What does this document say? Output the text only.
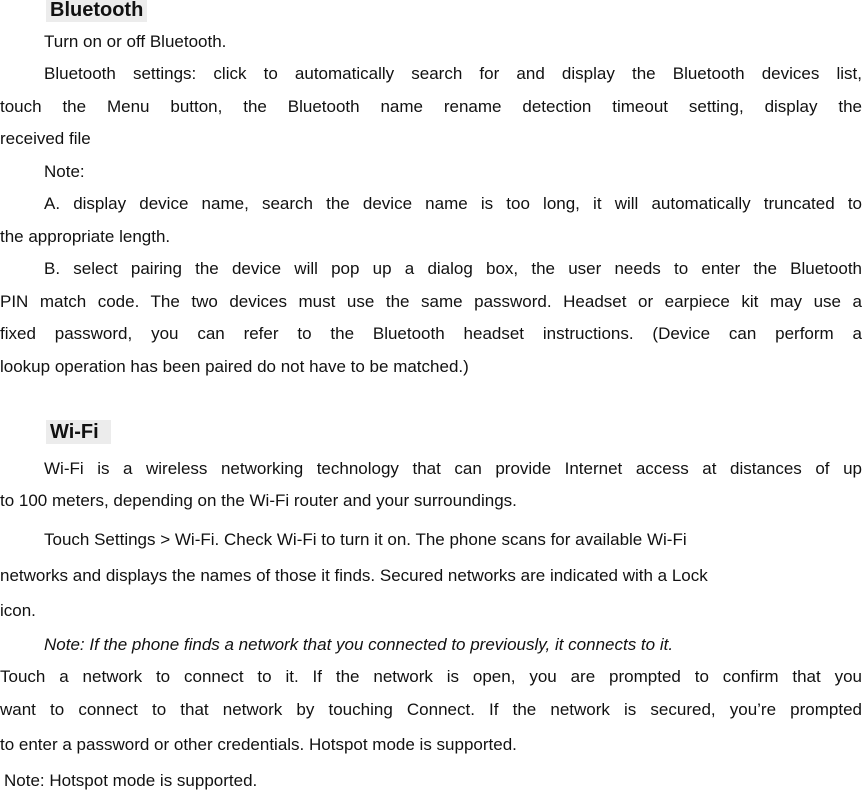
Bluetooth
Turn on or off Bluetooth.
Bluetooth settings: click to automatically search for and display the Bluetooth devices list,
touch the Menu button, the Bluetooth name rename detection timeout setting, display the
received file
Note:
A. display device name, search the device name is too long, it will automatically truncated to
the appropriate length.
B. select pairing the device will pop up a dialog box, the user needs to enter the Bluetooth
PIN match code. The two devices must use the same password. Headset or earpiece kit may use a
fixed password, you can refer to the Bluetooth headset instructions. (Device can perform a
lookup operation has been paired do not have to be matched.)
Wi-Fi
Wi-Fi is a wireless networking technology that can provide Internet access at distances of up
to 100 meters, depending on the Wi-Fi router and your surroundings.
Touch Settings > Wi-Fi. Check Wi-Fi to turn it on. The phone scans for available Wi-Fi
networks and displays the names of those it finds. Secured networks are indicated with a Lock
icon.
Note: If the phone finds a network that you connected to previously, it connects to it.
Touch a network to connect to it. If the network is open, you are prompted to confirm that you
want to connect to that network by touching Connect. If the network is secured, you’re prompted
to enter a password or other credentials. Hotspot mode is supported.
Note: Hotspot mode is supported.
